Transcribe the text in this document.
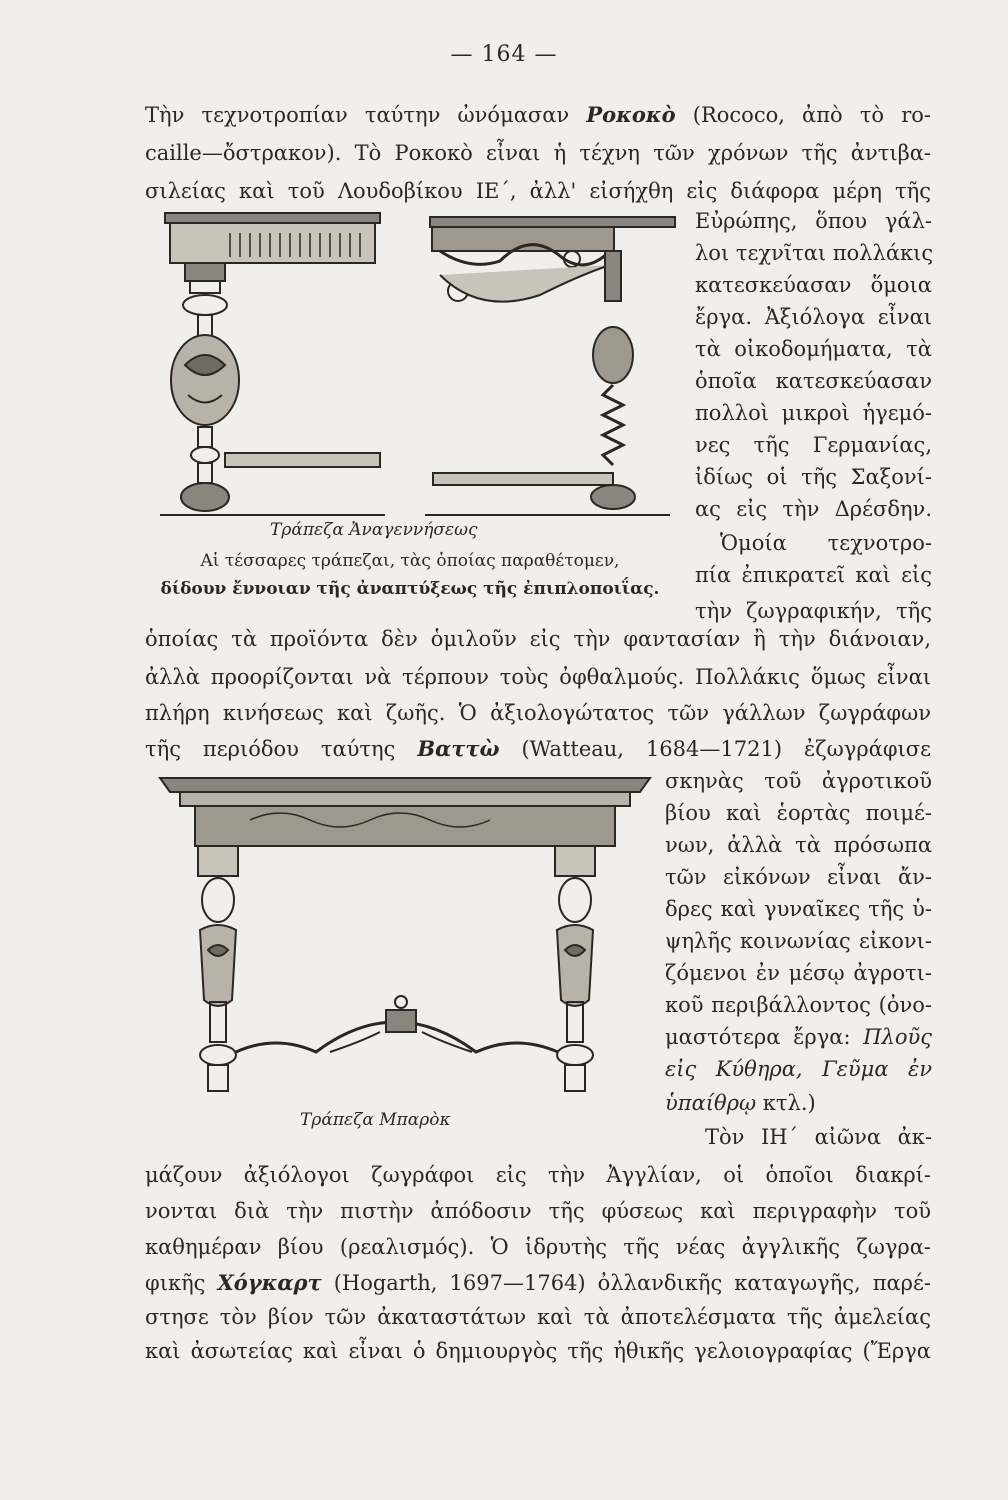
— 164 —

Τὴν τεχνοτροπίαν ταύτην ὠνόμασαν Ροκοκὸ (Rococo, ἀπὸ τὸ ro-

caille—ὄστρακον). Τὸ Ροκοκὸ εἶναι ἡ τέχνη τῶν χρόνων τῆς ἀντιβα-

σιλείας καὶ τοῦ Λουδοβίκου ΙΕ΄, ἀλλ' εἰσήχθη εἰς διάφορα μέρη τῆς

Τράπεζα Ἀναγεννήσεως
Αἱ τέσσαρες τράπεζαι, τὰς ὁποίας παραθέτομεν,
δίδουν ἔννοιαν τῆς ἀναπτύξεως τῆς ἐπιπλοποιΐας.

Εὐρώπης, ὅπου γάλ-

λοι τεχνῖται πολλάκις

κατεσκεύασαν ὅμοια

ἔργα. Ἀξιόλογα εἶναι

τὰ οἰκοδομήματα, τὰ

ὁποῖα κατεσκεύασαν

πολλοὶ μικροὶ ἡγεμό-

νες τῆς Γερμανίας,

ἰδίως οἱ τῆς Σαξονί-

ας εἰς τὴν Δρέσδην.

Ὁμοία τεχνοτρο-

πία ἐπικρατεῖ καὶ εἰς

τὴν ζωγραφικήν, τῆς

ὁποίας τὰ προϊόντα δὲν ὁμιλοῦν εἰς τὴν φαντασίαν ἢ τὴν διάνοιαν,

ἀλλὰ προορίζονται νὰ τέρπουν τοὺς ὀφθαλμούς. Πολλάκις ὅμως εἶναι

πλήρη κινήσεως καὶ ζωῆς. Ὁ ἀξιολογώτατος τῶν γάλλων ζωγράφων

τῆς περιόδου ταύτης Βαττὼ (Watteau, 1684—1721) ἐζωγράφισε

Τράπεζα Μπαρὸκ

σκηνὰς τοῦ ἀγροτικοῦ

βίου καὶ ἑορτὰς ποιμέ-

νων, ἀλλὰ τὰ πρόσωπα

τῶν εἰκόνων εἶναι ἄν-

δρες καὶ γυναῖκες τῆς ὑ-

ψηλῆς κοινωνίας εἰκονι-

ζόμενοι ἐν μέσῳ ἀγροτι-

κοῦ περιβάλλοντος (ὀνο-

μαστότερα ἔργα: Πλοῦς

εἰς Κύθηρα, Γεῦμα ἐν

ὑπαίθρῳ κτλ.)

Τὸν ΙΗ΄ αἰῶνα ἀκ-

μάζουν ἀξιόλογοι ζωγράφοι εἰς τὴν Ἀγγλίαν, οἱ ὁποῖοι διακρί-

νονται διὰ τὴν πιστὴν ἀπόδοσιν τῆς φύσεως καὶ περιγραφὴν τοῦ

καθημέραν βίου (ρεαλισμός). Ὁ ἱδρυτὴς τῆς νέας ἀγγλικῆς ζωγρα-

φικῆς Χόγκαρτ (Hogarth, 1697—1764) ὀλλανδικῆς καταγωγῆς, παρέ-

στησε τὸν βίον τῶν ἀκαταστάτων καὶ τὰ ἀποτελέσματα τῆς ἀμελείας

καὶ ἀσωτείας καὶ εἶναι ὁ δημιουργὸς τῆς ἠθικῆς γελοιογραφίας (Ἔργα
